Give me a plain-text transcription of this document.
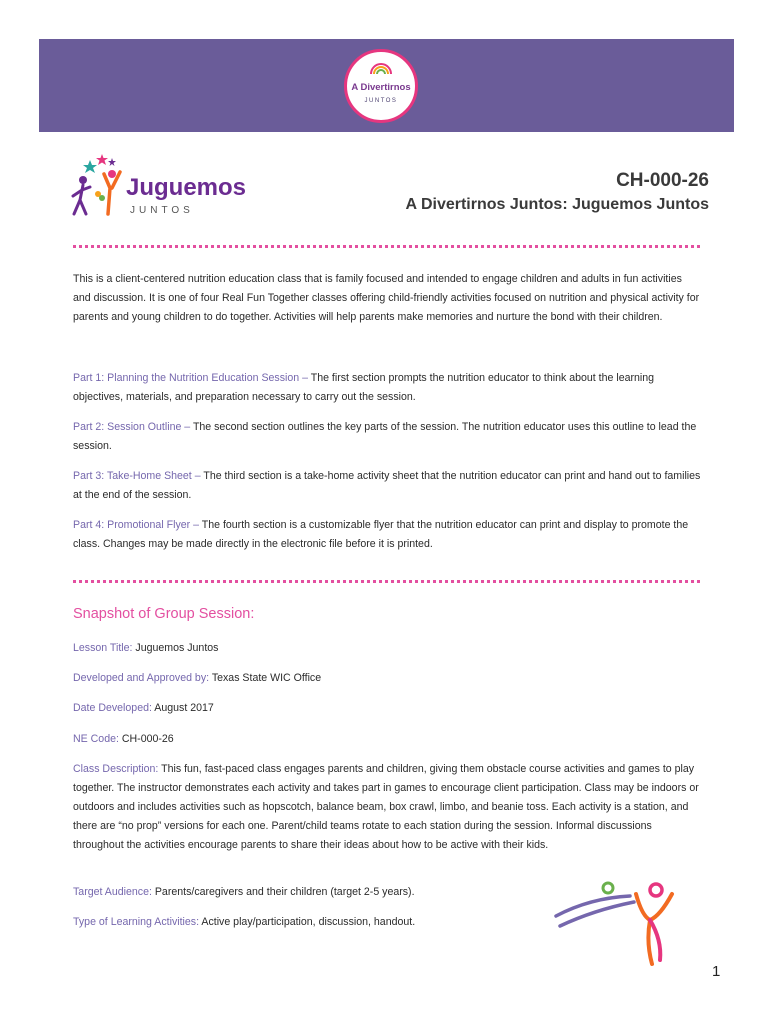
A Divertirnos
JUNTOS
Juguemos
JUNTOS
CH-000-26
A Divertirnos Juntos: Juguemos Juntos
This is a client-centered nutrition education class that is family focused and intended to engage children and adults in fun activities and discussion. It is one of four Real Fun Together classes offering child-friendly activities focused on nutrition and physical activity for parents and young children to do together. Activities will help parents make memories and nurture the bond with their children.
Part 1: Planning the Nutrition Education Session – The first section prompts the nutrition educator to think about the learning objectives, materials, and preparation necessary to carry out the session.
Part 2: Session Outline – The second section outlines the key parts of the session. The nutrition educator uses this outline to lead the session.
Part 3: Take-Home Sheet – The third section is a take-home activity sheet that the nutrition educator can print and hand out to families at the end of the session.
Part 4: Promotional Flyer – The fourth section is a customizable flyer that the nutrition educator can print and display to promote the class. Changes may be made directly in the electronic file before it is printed.
Snapshot of Group Session:
Lesson Title: Juguemos Juntos
Developed and Approved by: Texas State WIC Office
Date Developed: August 2017
NE Code: CH-000-26
Class Description: This fun, fast-paced class engages parents and children, giving them obstacle course activities and games to play together. The instructor demonstrates each activity and takes part in games to encourage client participation. Class may be indoors or outdoors and includes activities such as hopscotch, balance beam, box crawl, limbo, and beanie toss. Each activity is a station, and there are “no prop” versions for each one. Parent/child teams rotate to each station during the session. Informal discussions throughout the activities encourage parents to share their ideas about how to be active with their kids.
Target Audience: Parents/caregivers and their children (target 2-5 years).
Type of Learning Activities: Active play/participation, discussion, handout.
1
